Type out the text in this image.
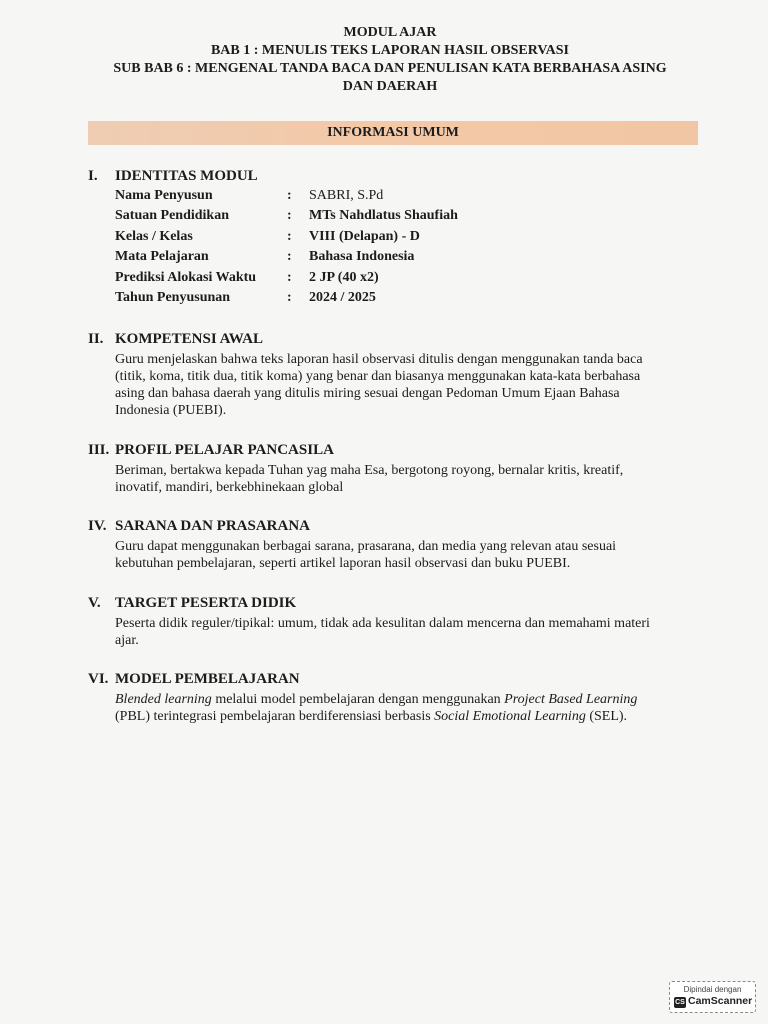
MODUL AJAR
BAB 1 : MENULIS TEKS LAPORAN HASIL OBSERVASI
SUB BAB 6 : MENGENAL TANDA BACA DAN PENULISAN KATA BERBAHASA ASING
DAN DAERAH
INFORMASI UMUM
I.	IDENTITAS MODUL
Nama Penyusun	:	SABRI, S.Pd
Satuan Pendidikan	:	MTs Nahdlatus Shaufiah
Kelas / Kelas	:	VIII (Delapan) - D
Mata Pelajaran	:	Bahasa Indonesia
Prediksi Alokasi Waktu	:	2 JP (40 x2)
Tahun Penyusunan	:	2024 / 2025
II. KOMPETENSI AWAL
Guru menjelaskan bahwa teks laporan hasil observasi ditulis dengan menggunakan tanda baca
(titik, koma, titik dua, titik koma) yang benar dan biasanya menggunakan kata-kata berbahasa
asing dan bahasa daerah yang ditulis miring sesuai dengan Pedoman Umum Ejaan Bahasa
Indonesia (PUEBI).
III. PROFIL PELAJAR PANCASILA
Beriman, bertakwa kepada Tuhan yag maha Esa, bergotong royong, bernalar kritis, kreatif,
inovatif, mandiri, berkebhinekaan global
IV. SARANA DAN PRASARANA
Guru dapat menggunakan berbagai sarana, prasarana, dan media yang relevan atau sesuai
kebutuhan pembelajaran, seperti artikel laporan hasil observasi dan buku PUEBI.
V. TARGET PESERTA DIDIK
Peserta didik reguler/tipikal: umum, tidak ada kesulitan dalam mencerna dan memahami materi
ajar.
VI. MODEL PEMBELAJARAN
Blended learning melalui model pembelajaran dengan menggunakan Project Based Learning
(PBL) terintegrasi pembelajaran berdiferensiasi berbasis Social Emotional Learning (SEL).
Dipindai dengan
CS CamScanner
